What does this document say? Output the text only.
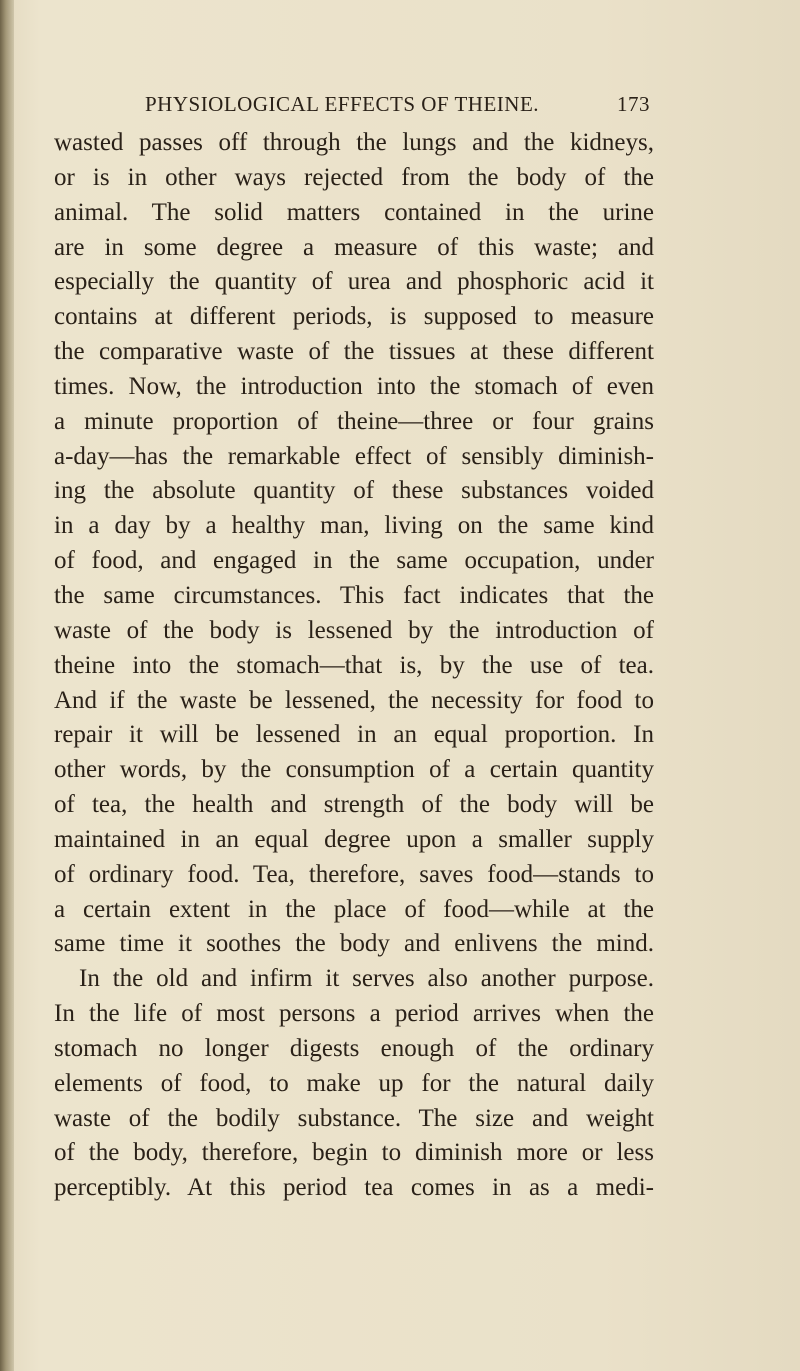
PHYSIOLOGICAL EFFECTS OF THEINE.	173
wasted passes off through the lungs and the kidneys,
or is in other ways rejected from the body of the
animal. The solid matters contained in the urine
are in some degree a measure of this waste; and
especially the quantity of urea and phosphoric acid it
contains at different periods, is supposed to measure
the comparative waste of the tissues at these different
times. Now, the introduction into the stomach of even
a minute proportion of theine—three or four grains
a-day—has the remarkable effect of sensibly diminish-
ing the absolute quantity of these substances voided
in a day by a healthy man, living on the same kind
of food, and engaged in the same occupation, under
the same circumstances. This fact indicates that the
waste of the body is lessened by the introduction of
theine into the stomach—that is, by the use of tea.
And if the waste be lessened, the necessity for food to
repair it will be lessened in an equal proportion. In
other words, by the consumption of a certain quantity
of tea, the health and strength of the body will be
maintained in an equal degree upon a smaller supply
of ordinary food. Tea, therefore, saves food—stands to
a certain extent in the place of food—while at the
same time it soothes the body and enlivens the mind.
In the old and infirm it serves also another purpose.
In the life of most persons a period arrives when the
stomach no longer digests enough of the ordinary
elements of food, to make up for the natural daily
waste of the bodily substance. The size and weight
of the body, therefore, begin to diminish more or less
perceptibly. At this period tea comes in as a medi-
